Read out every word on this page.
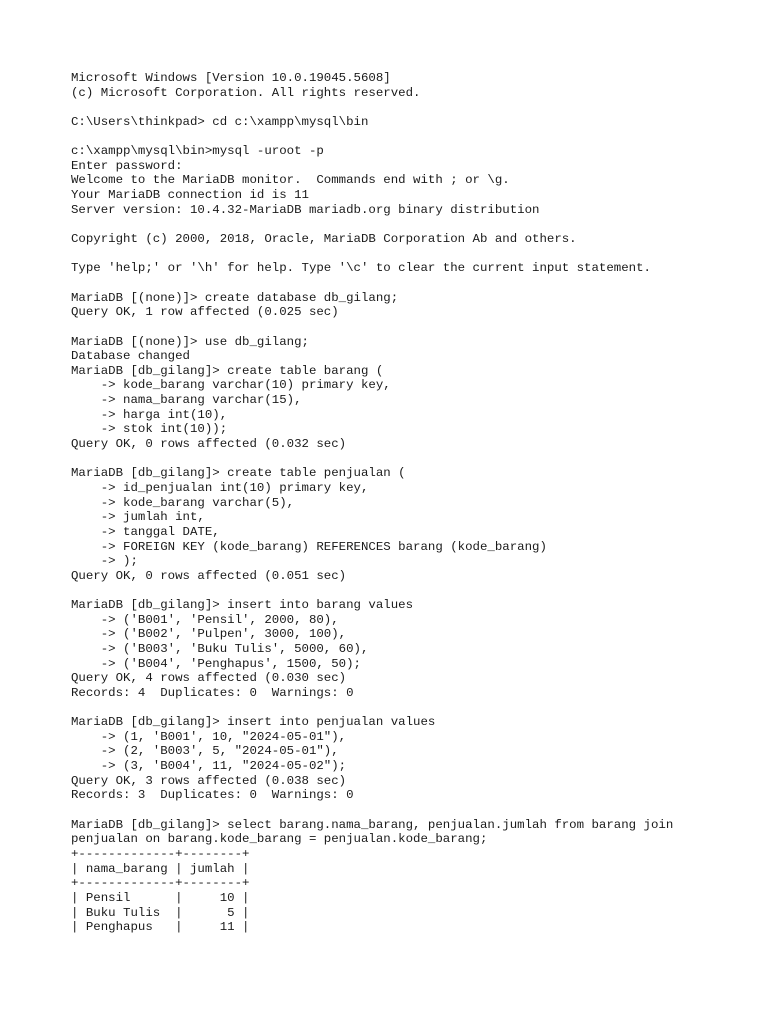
Microsoft Windows [Version 10.0.19045.5608]
(c) Microsoft Corporation. All rights reserved.
C:\Users\thinkpad> cd c:\xampp\mysql\bin
c:\xampp\mysql\bin>mysql -uroot -p
Enter password:
Welcome to the MariaDB monitor.  Commands end with ; or \g.
Your MariaDB connection id is 11
Server version: 10.4.32-MariaDB mariadb.org binary distribution
Copyright (c) 2000, 2018, Oracle, MariaDB Corporation Ab and others.
Type 'help;' or '\h' for help. Type '\c' to clear the current input statement.
MariaDB [(none)]> create database db_gilang;
Query OK, 1 row affected (0.025 sec)
MariaDB [(none)]> use db_gilang;
Database changed
MariaDB [db_gilang]> create table barang (
-> kode_barang varchar(10) primary key,
-> nama_barang varchar(15),
-> harga int(10),
-> stok int(10));
Query OK, 0 rows affected (0.032 sec)
MariaDB [db_gilang]> create table penjualan (
-> id_penjualan int(10) primary key,
-> kode_barang varchar(5),
-> jumlah int,
-> tanggal DATE,
-> FOREIGN KEY (kode_barang) REFERENCES barang (kode_barang)
-> );
Query OK, 0 rows affected (0.051 sec)
MariaDB [db_gilang]> insert into barang values
-> ('B001', 'Pensil', 2000, 80),
-> ('B002', 'Pulpen', 3000, 100),
-> ('B003', 'Buku Tulis', 5000, 60),
-> ('B004', 'Penghapus', 1500, 50);
Query OK, 4 rows affected (0.030 sec)
Records: 4  Duplicates: 0  Warnings: 0
MariaDB [db_gilang]> insert into penjualan values
-> (1, 'B001', 10, "2024-05-01"),
-> (2, 'B003', 5, "2024-05-01"),
-> (3, 'B004', 11, "2024-05-02");
Query OK, 3 rows affected (0.038 sec)
Records: 3  Duplicates: 0  Warnings: 0
MariaDB [db_gilang]> select barang.nama_barang, penjualan.jumlah from barang join
penjualan on barang.kode_barang = penjualan.kode_barang;
+-------------+--------+
| nama_barang | jumlah |
+-------------+--------+
| Pensil      |     10 |
| Buku Tulis  |      5 |
| Penghapus   |     11 |
